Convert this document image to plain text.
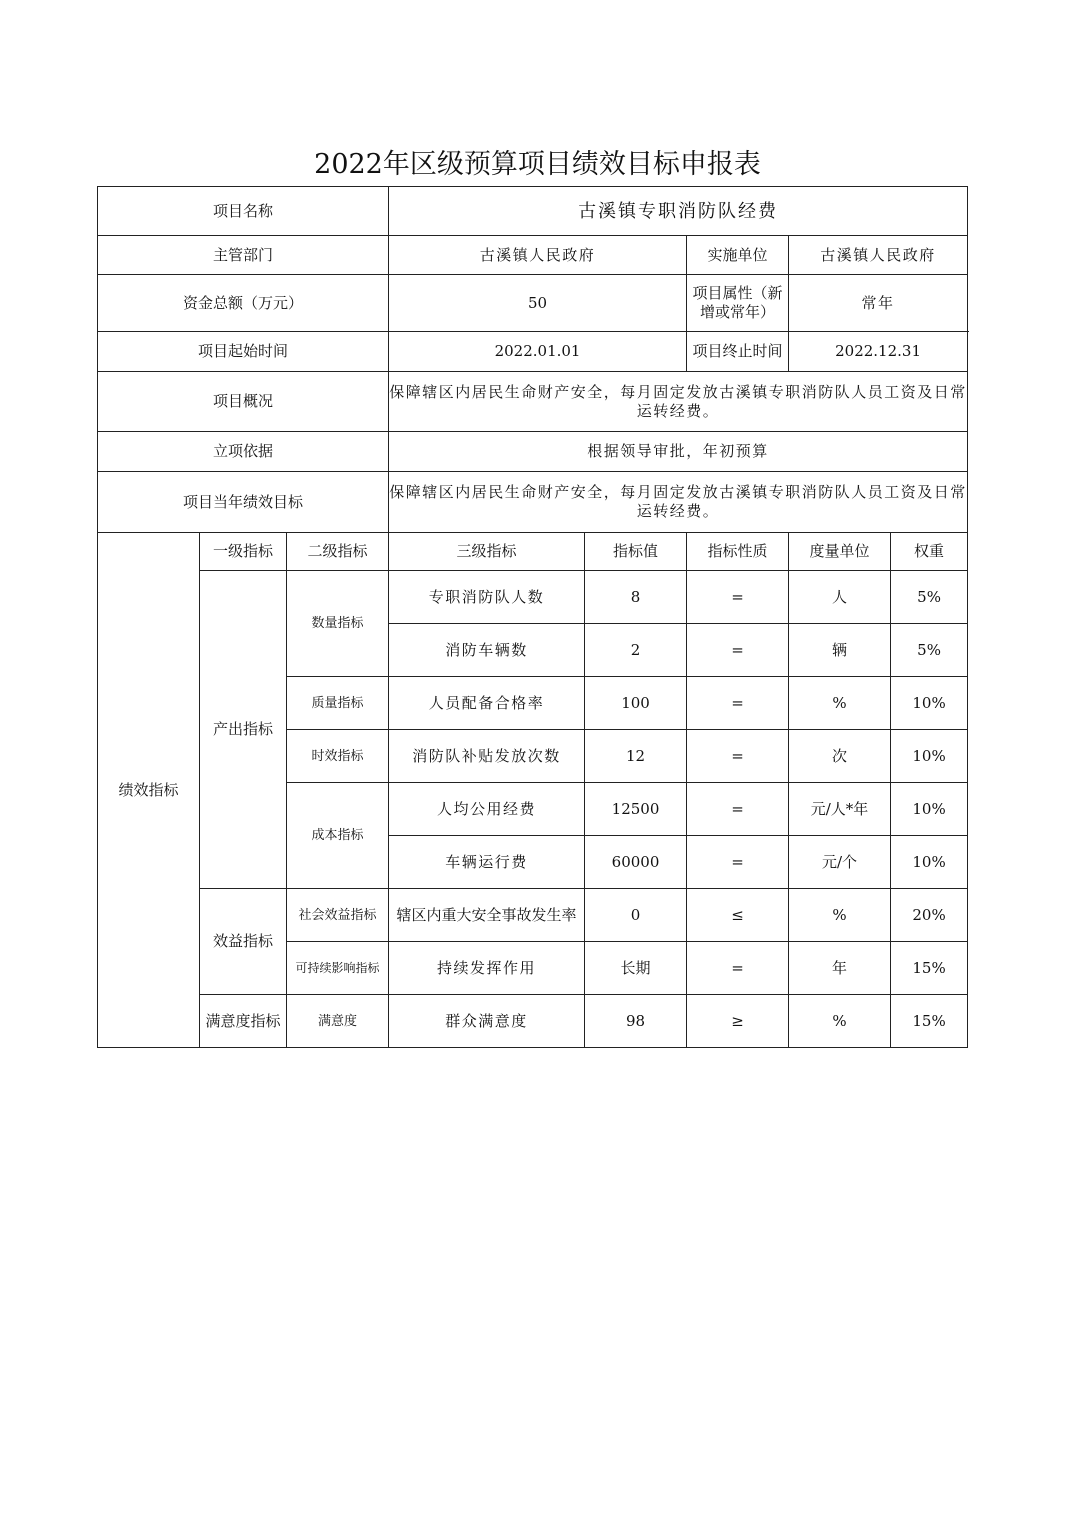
2022年区级预算项目绩效目标申报表
项目名称			古溪镇专职消防队经费				
主管部门			古溪镇人民政府		实施单位	古溪镇人民政府	
资金总额（万元）			50		项目属性（新增或常年）	常年	
项目起始时间			2022.01.01		项目终止时间	2022.12.31	
项目概况			保障辖区内居民生命财产安全，每月固定发放古溪镇专职消防队人员工资及日常运转经费。				
立项依据			根据领导审批，年初预算				
项目当年绩效目标			保障辖区内居民生命财产安全，每月固定发放古溪镇专职消防队人员工资及日常运转经费。				
绩效指标	一级指标	二级指标	三级指标	指标值	指标性质	度量单位	权重
	产出指标	数量指标	专职消防队人数	8	=	人	5%
			消防车辆数	2	=	辆	5%
		质量指标	人员配备合格率	100	=	%	10%
		时效指标	消防队补贴发放次数	12	=	次	10%
		成本指标	人均公用经费	12500	=	元/人*年	10%
			车辆运行费	60000	=	元/个	10%
	效益指标	社会效益指标	辖区内重大安全事故发生率	0	≤	%	20%
		可持续影响指标	持续发挥作用	长期	=	年	15%
	满意度指标	满意度	群众满意度	98	≥	%	15%
